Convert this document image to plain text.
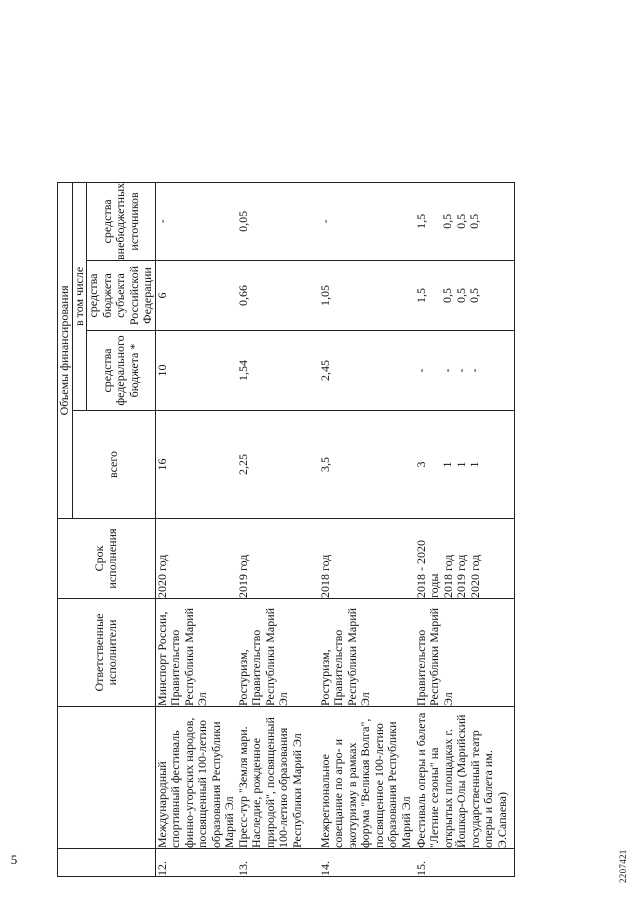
5
		Ответственные исполнители	Срок исполнения	Объемы финансирования			
				всего	в том числе		
					средства федерального бюджета *	средства бюджета субъекта Российской Федерации	средства внебюджетных источников
12.	Международный спортивный фестиваль финно-угорских народов, посвященный 100-летию образования Республики Марий Эл	Минспорт России, Правительство Республики Марий Эл	2020 год	16	10	6	-
13.	Пресс-тур "Земля мари. Наследие, рожденное природой", посвященный 100-летию образования Республики Марий Эл	Ростуризм, Правительство Республики Марий Эл	2019 год	2,25	1,54	0,66	0,05
14.	Межрегиональное совещание по агро- и экотуризму в рамках форума "Великая Волга", посвященное 100-летию образования Республики Марий Эл	Ростуризм, Правительство Республики Марий Эл	2018 год	3,5	2,45	1,05	-
15.	Фестиваль оперы и балета "Летние сезоны" на открытых площадках г. Йошкар-Олы (Марийский государственный театр оперы и балета им. Э.Сапаева)	Правительство Республики Марий Эл	2018 - 2020 годы 2018 год 2019 год 2020 год	3 1 1 1	- - - -	1,5 0,5 0,5 0,5	1,5 0,5 0,5 0,5
2207421
